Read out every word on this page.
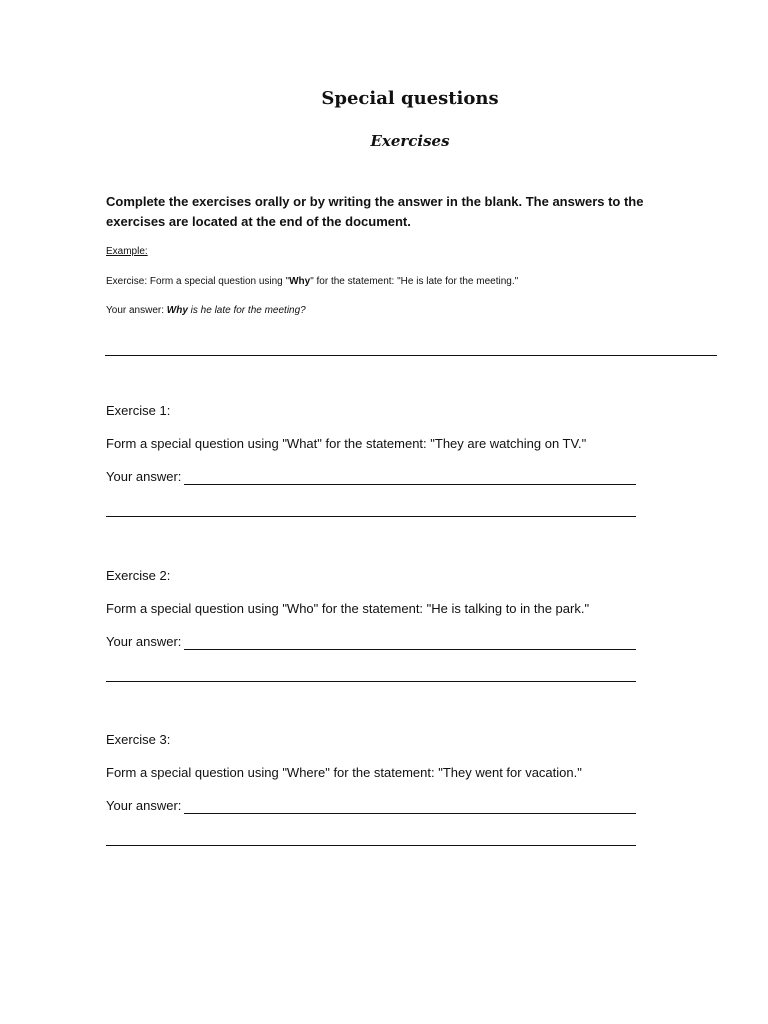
Special questions
Exercises
Complete the exercises orally or by writing the answer in the blank. The answers to the exercises are located at the end of the document.
Example:
Exercise: Form a special question using "Why" for the statement: "He is late for the meeting."
Your answer: Why is he late for the meeting?
Exercise 1:
Form a special question using "What" for the statement: "They are watching on TV."
Your answer:
Exercise 2:
Form a special question using "Who" for the statement: "He is talking to in the park."
Your answer:
Exercise 3:
Form a special question using "Where" for the statement: "They went for vacation."
Your answer:
